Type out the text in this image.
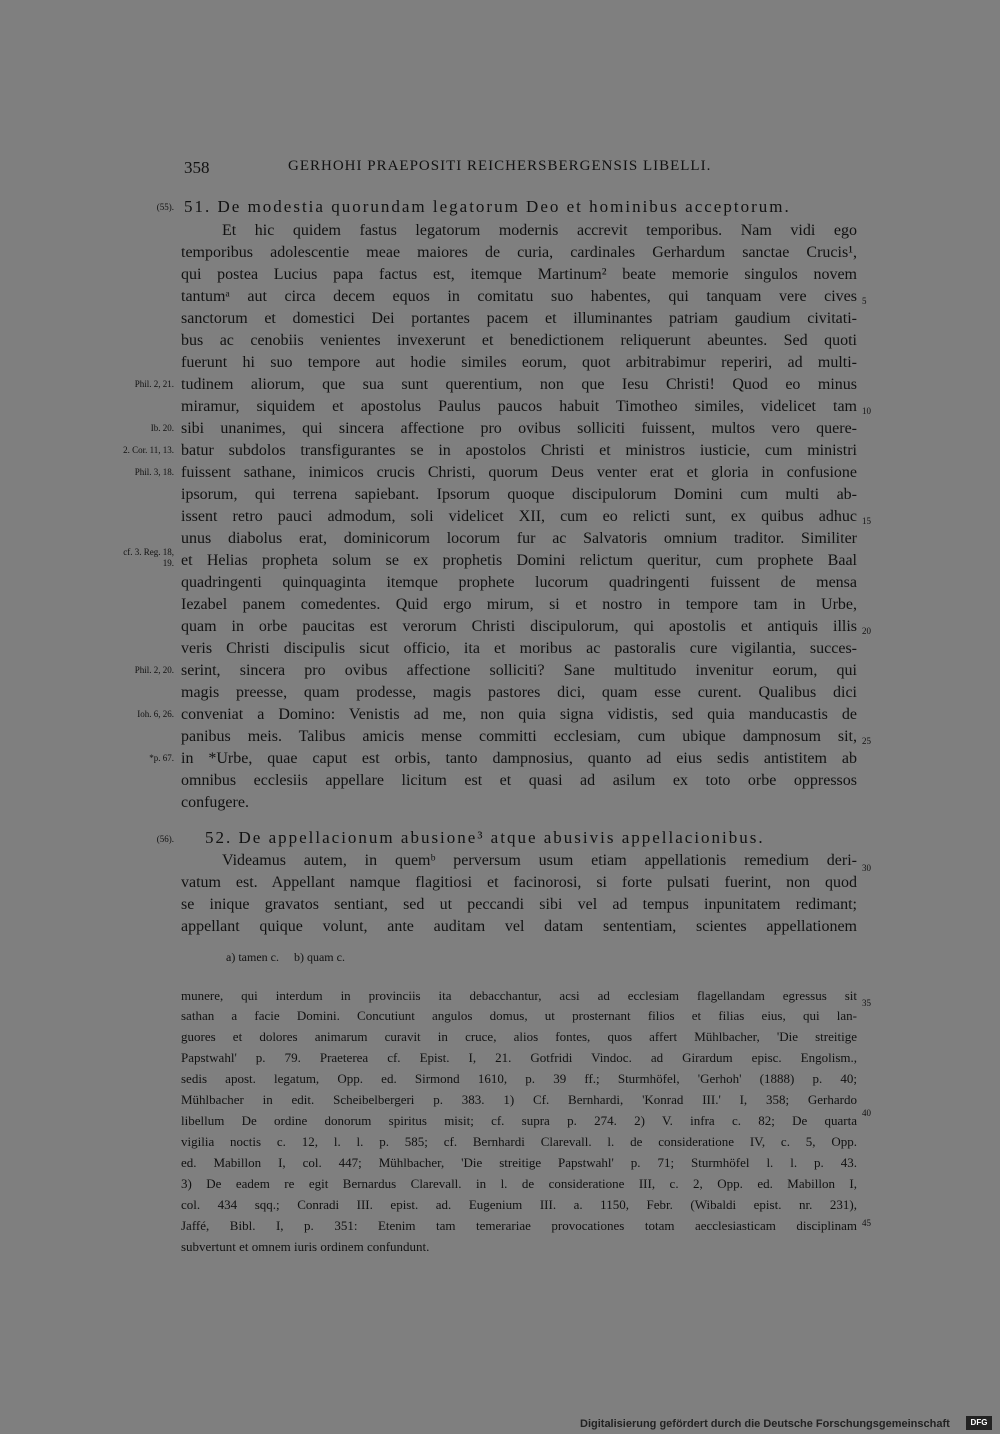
358	GERHOHI PRAEPOSITI REICHERSBERGENSIS LIBELLI.
(55). 51. De modestia quorundam legatorum Deo et hominibus acceptorum.
Et hic quidem fastus legatorum modernis accrevit temporibus. Nam vidi ego
temporibus adolescentie meae maiores de curia, cardinales Gerhardum sanctae Crucis¹,
qui postea Lucius papa factus est, itemque Martinum² beate memorie singulos novem
tantumᵃ aut circa decem equos in comitatu suo habentes, qui tanquam vere cives
sanctorum et domestici Dei portantes pacem et illuminantes patriam gaudium civitati-
bus ac cenobiis venientes invexerunt et benedictionem reliquerunt abeuntes. Sed quoti
fuerunt hi suo tempore aut hodie similes eorum, quot arbitrabimur reperiri, ad multi-
tudinem aliorum, que sua sunt querentium, non que Iesu Christi! Quod eo minus
miramur, siquidem et apostolus Paulus paucos habuit Timotheo similes, videlicet tam
sibi unanimes, qui sincera affectione pro ovibus solliciti fuissent, multos vero quere-
batur subdolos transfigurantes se in apostolos Christi et ministros iusticie, cum ministri
fuissent sathane, inimicos crucis Christi, quorum Deus venter erat et gloria in confusione
ipsorum, qui terrena sapiebant. Ipsorum quoque discipulorum Domini cum multi ab-
issent retro pauci admodum, soli videlicet XII, cum eo relicti sunt, ex quibus adhuc
unus diabolus erat, dominicorum locorum fur ac Salvatoris omnium traditor. Similiter
et Helias propheta solum se ex prophetis Domini relictum queritur, cum prophete Baal
quadringenti quinquaginta itemque prophete lucorum quadringenti fuissent de mensa
Iezabel panem comedentes. Quid ergo mirum, si et nostro in tempore tam in Urbe,
quam in orbe paucitas est verorum Christi discipulorum, qui apostolis et antiquis illis
veris Christi discipulis sicut officio, ita et moribus ac pastoralis cure vigilantia, succes-
serint, sincera pro ovibus affectione solliciti? Sane multitudo invenitur eorum, qui
magis preesse, quam prodesse, magis pastores dici, quam esse curent. Qualibus dici
conveniat a Domino: Venistis ad me, non quia signa vidistis, sed quia manducastis de
panibus meis. Talibus amicis mense committi ecclesiam, cum ubique dampnosum sit,
in *Urbe, quae caput est orbis, tanto dampnosius, quanto ad eius sedis antistitem ab
omnibus ecclesiis appellare licitum est et quasi ad asilum ex toto orbe oppressos
confugere.
Phil. 2, 21.
Ib. 20.
2. Cor. 11, 13.
Phil. 3, 18.
cf. 3. Reg. 18, 19.
Phil. 2, 20.
Ioh. 6, 26.
*p. 67.
5
10
15
20
25
30
35
40
45
(56). 52. De appellacionum abusione³ atque abusivis appellacionibus.
Videamus autem, in quemᵇ perversum usum etiam appellationis remedium deri-
vatum est. Appellant namque flagitiosi et facinorosi, si forte pulsati fuerint, non quod
se inique gravatos sentiant, sed ut peccandi sibi vel ad tempus inpunitatem redimant;
appellant quique volunt, ante auditam vel datam sententiam, scientes appellationem
a) tamen c.     b) quam c.
munere, qui interdum in provinciis ita debacchantur, acsi ad ecclesiam flagellandam egressus sit
sathan a facie Domini. Concutiunt angulos domus, ut prosternant filios et filias eius, qui lan-
guores et dolores animarum curavit in cruce, alios fontes, quos affert Mühlbacher, 'Die streitige
Papstwahl' p. 79. Praeterea cf. Epist. I, 21. Gotfridi Vindoc. ad Girardum episc. Engolism.,
sedis apost. legatum, Opp. ed. Sirmond 1610, p. 39 ff.; Sturmhöfel, 'Gerhoh' (1888) p. 40;
Mühlbacher in edit. Scheibelbergeri p. 383. 1) Cf. Bernhardi, 'Konrad III.' I, 358; Gerhardo
libellum De ordine donorum spiritus misit; cf. supra p. 274. 2) V. infra c. 82; De quarta
vigilia noctis c. 12, l. l. p. 585; cf. Bernhardi Clarevall. l. de consideratione IV, c. 5, Opp.
ed. Mabillon I, col. 447; Mühlbacher, 'Die streitige Papstwahl' p. 71; Sturmhöfel l. l. p. 43.
3) De eadem re egit Bernardus Clarevall. in l. de consideratione III, c. 2, Opp. ed. Mabillon I,
col. 434 sqq.; Conradi III. epist. ad. Eugenium III. a. 1150, Febr. (Wibaldi epist. nr. 231),
Jaffé, Bibl. I, p. 351: Etenim tam temerariae provocationes totam aecclesiasticam disciplinam
subvertunt et omnem iuris ordinem confundunt.
Digitalisierung gefördert durch die Deutsche Forschungsgemeinschaft	DFG
